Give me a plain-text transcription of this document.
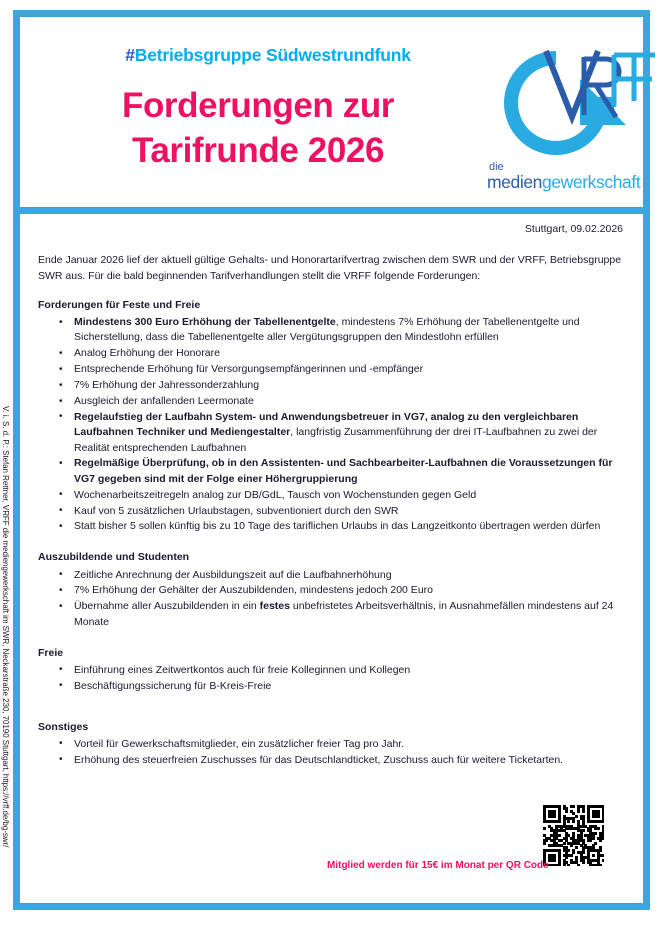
#Betriebsgruppe Südwestrundfunk
Forderungen zur
Tarifrunde 2026	die
mediengewerkschaft
V. i. S. d. P.: Stefan Rettner, VRFF die mediengewerkschaft im SWR, Neckarstraße 230, 70190 Stuttgart, https://vrff.de/bg-swr/
Stuttgart, 09.02.2026

Ende Januar 2026 lief der aktuell gültige Gehalts- und Honorartarifvertrag zwischen dem SWR und der VRFF, Betriebsgruppe SWR aus. Für die bald beginnenden Tarifverhandlungen stellt die VRFF folgende Forderungen:

Forderungen für Feste und Freie
• Mindestens 300 Euro Erhöhung der Tabellenentgelte, mindestens 7% Erhöhung der Tabellenentgelte und Sicherstellung, dass die Tabellenentgelte aller Vergütungsgruppen den Mindestlohn erfüllen
• Analog Erhöhung der Honorare
• Entsprechende Erhöhung für Versorgungsempfängerinnen und -empfänger
• 7% Erhöhung der Jahressonderzahlung
• Ausgleich der anfallenden Leermonate
• Regelaufstieg der Laufbahn System- und Anwendungsbetreuer in VG7, analog zu den vergleichbaren Laufbahnen Techniker und Mediengestalter, langfristig Zusammenführung der drei IT-Laufbahnen zu zwei der Realität entsprechenden Laufbahnen
• Regelmäßige Überprüfung, ob in den Assistenten- und Sachbearbeiter-Laufbahnen die Voraussetzungen für VG7 gegeben sind mit der Folge einer Höhergruppierung
• Wochenarbeitszeitregeln analog zur DB/GdL, Tausch von Wochenstunden gegen Geld
• Kauf von 5 zusätzlichen Urlaubstagen, subventioniert durch den SWR
• Statt bisher 5 sollen künftig bis zu 10 Tage des tariflichen Urlaubs in das Langzeitkonto übertragen werden dürfen
Auszubildende und Studenten
• Zeitliche Anrechnung der Ausbildungszeit auf die Laufbahnerhöhung
• 7% Erhöhung der Gehälter der Auszubildenden, mindestens jedoch 200 Euro
• Übernahme aller Auszubildenden in ein festes unbefristetes Arbeitsverhältnis, in Ausnahmefällen mindestens auf 24 Monate
Freie
• Einführung eines Zeitwertkontos auch für freie Kolleginnen und Kollegen
• Beschäftigungssicherung für B-Kreis-Freie
Sonstiges
• Vorteil für Gewerkschaftsmitglieder, ein zusätzlicher freier Tag pro Jahr.
• Erhöhung des steuerfreien Zuschusses für das Deutschlandticket, Zuschuss auch für weitere Ticketarten.
Mitglied werden für 15€ im Monat per QR Code
